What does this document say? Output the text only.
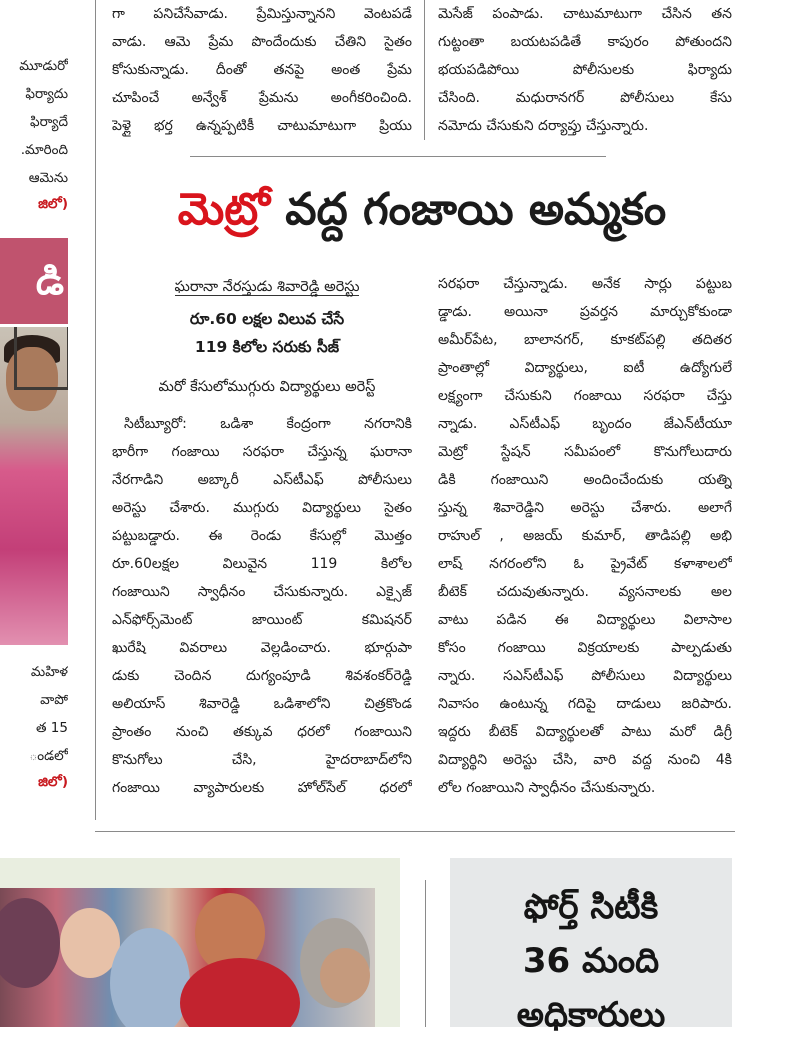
మూడురో
ఫిర్యాదు
ఫిర్యాదే
మారింది.
ఆమెను
జిలో)
డి
మహిళ
వాపో
త 15
ండలో
జిలో)
గా పనిచేసేవాడు. ప్రేమిస్తున్నానని వెంటపడే
వాడు. ఆమె ప్రేమ పొందేందుకు చేతిని సైతం
కోసుకున్నాడు. దీంతో తనపై అంత ప్రేమ
చూపించే అన్వేశ్ ప్రేమను అంగీకరించింది.
పెళ్లై భర్త ఉన్నప్పటికీ చాటుమాటుగా ప్రియు
మెసేజ్ పంపాడు. చాటుమాటుగా చేసిన తన
గుట్టంతా బయటపడితే కాపురం పోతుందని
భయపడిపోయి పోలీసులకు ఫిర్యాదు
చేసింది. మధురానగర్ పోలీసులు కేసు
నమోదు చేసుకుని దర్యాప్తు చేస్తున్నారు.
మెట్రో వద్ద గంజాయి అమ్మకం
ఘరానా నేరస్తుడు శివారెడ్డి అరెస్టు
రూ.60 లక్షల విలువ చేసే
119 కిలోల సరుకు సీజ్
మరో కేసులోముగ్గురు విద్యార్థులు అరెస్ట్
సిటీబ్యూరో: ఒడిశా కేంద్రంగా నగరానికి
భారీగా గంజాయి సరఫరా చేస్తున్న ఘరానా
నేరగాడిని అబ్కారీ ఎస్‌టీఎఫ్ పోలీసులు
అరెస్టు చేశారు. ముగ్గురు విద్యార్థులు సైతం
పట్టుబడ్డారు. ఈ రెండు కేసుల్లో మొత్తం
రూ.60లక్షల విలువైన 119 కిలోల
గంజాయిని స్వాధీనం చేసుకున్నారు. ఎక్సైజ్
ఎన్‌ఫోర్స్‌మెంట్ జాయింట్ కమిషనర్
ఖురేషి వివరాలు వెల్లడించారు. భూర్గుపా
డుకు చెందిన దుగ్యంపూడి శివశంకర్‌రెడ్డి
అలియాస్ శివారెడ్డి ఒడిశాలోని చిత్రకొండ
ప్రాంతం నుంచి తక్కువ ధరలో గంజాయిని
కొనుగోలు చేసి, హైదరాబాద్‌లోని
గంజాయి వ్యాపారులకు హోల్‌సేల్ ధరలో
సరఫరా చేస్తున్నాడు. అనేక సార్లు పట్టుబ
డ్డాడు. అయినా ప్రవర్తన మార్చుకోకుండా
అమీర్‌పేట, బాలానగర్, కూకట్‌పల్లి తదితర
ప్రాంతాల్లో విద్యార్థులు, ఐటీ ఉద్యోగులే
లక్ష్యంగా చేసుకుని గంజాయి సరఫరా చేస్తు
న్నాడు. ఎస్‌టీఎఫ్ బృందం జేఎన్‌టీయూ
మెట్రో స్టేషన్ సమీపంలో కొనుగోలుదారు
డికి గంజాయిని అందించేందుకు యత్ని
స్తున్న శివారెడ్డిని అరెస్టు చేశారు. అలాగే
రాహుల్ , అజయ్ కుమార్, తాడిపల్లి అభి
లాష్ నగరంలోని ఓ ప్రైవేట్ కళాశాలలో
బీటెక్ చదువుతున్నారు. వ్యసనాలకు అల
వాటు పడిన ఈ విద్యార్థులు విలాసాల
కోసం గంజాయి విక్రయాలకు పాల్పడుతు
న్నారు. సఎస్‌టీఎఫ్ పోలీసులు విద్యార్థులు
నివాసం ఉంటున్న గదిపై దాడులు జరిపారు.
ఇద్దరు బీటెక్ విద్యార్థులతో పాటు మరో డిగ్రీ
విద్యార్థిని అరెస్టు చేసి, వారి వద్ద నుంచి 4కి
లోల గంజాయిని స్వాధీనం చేసుకున్నారు.
ఫోర్త్ సిటీకి
36 మంది
అధికారులు
